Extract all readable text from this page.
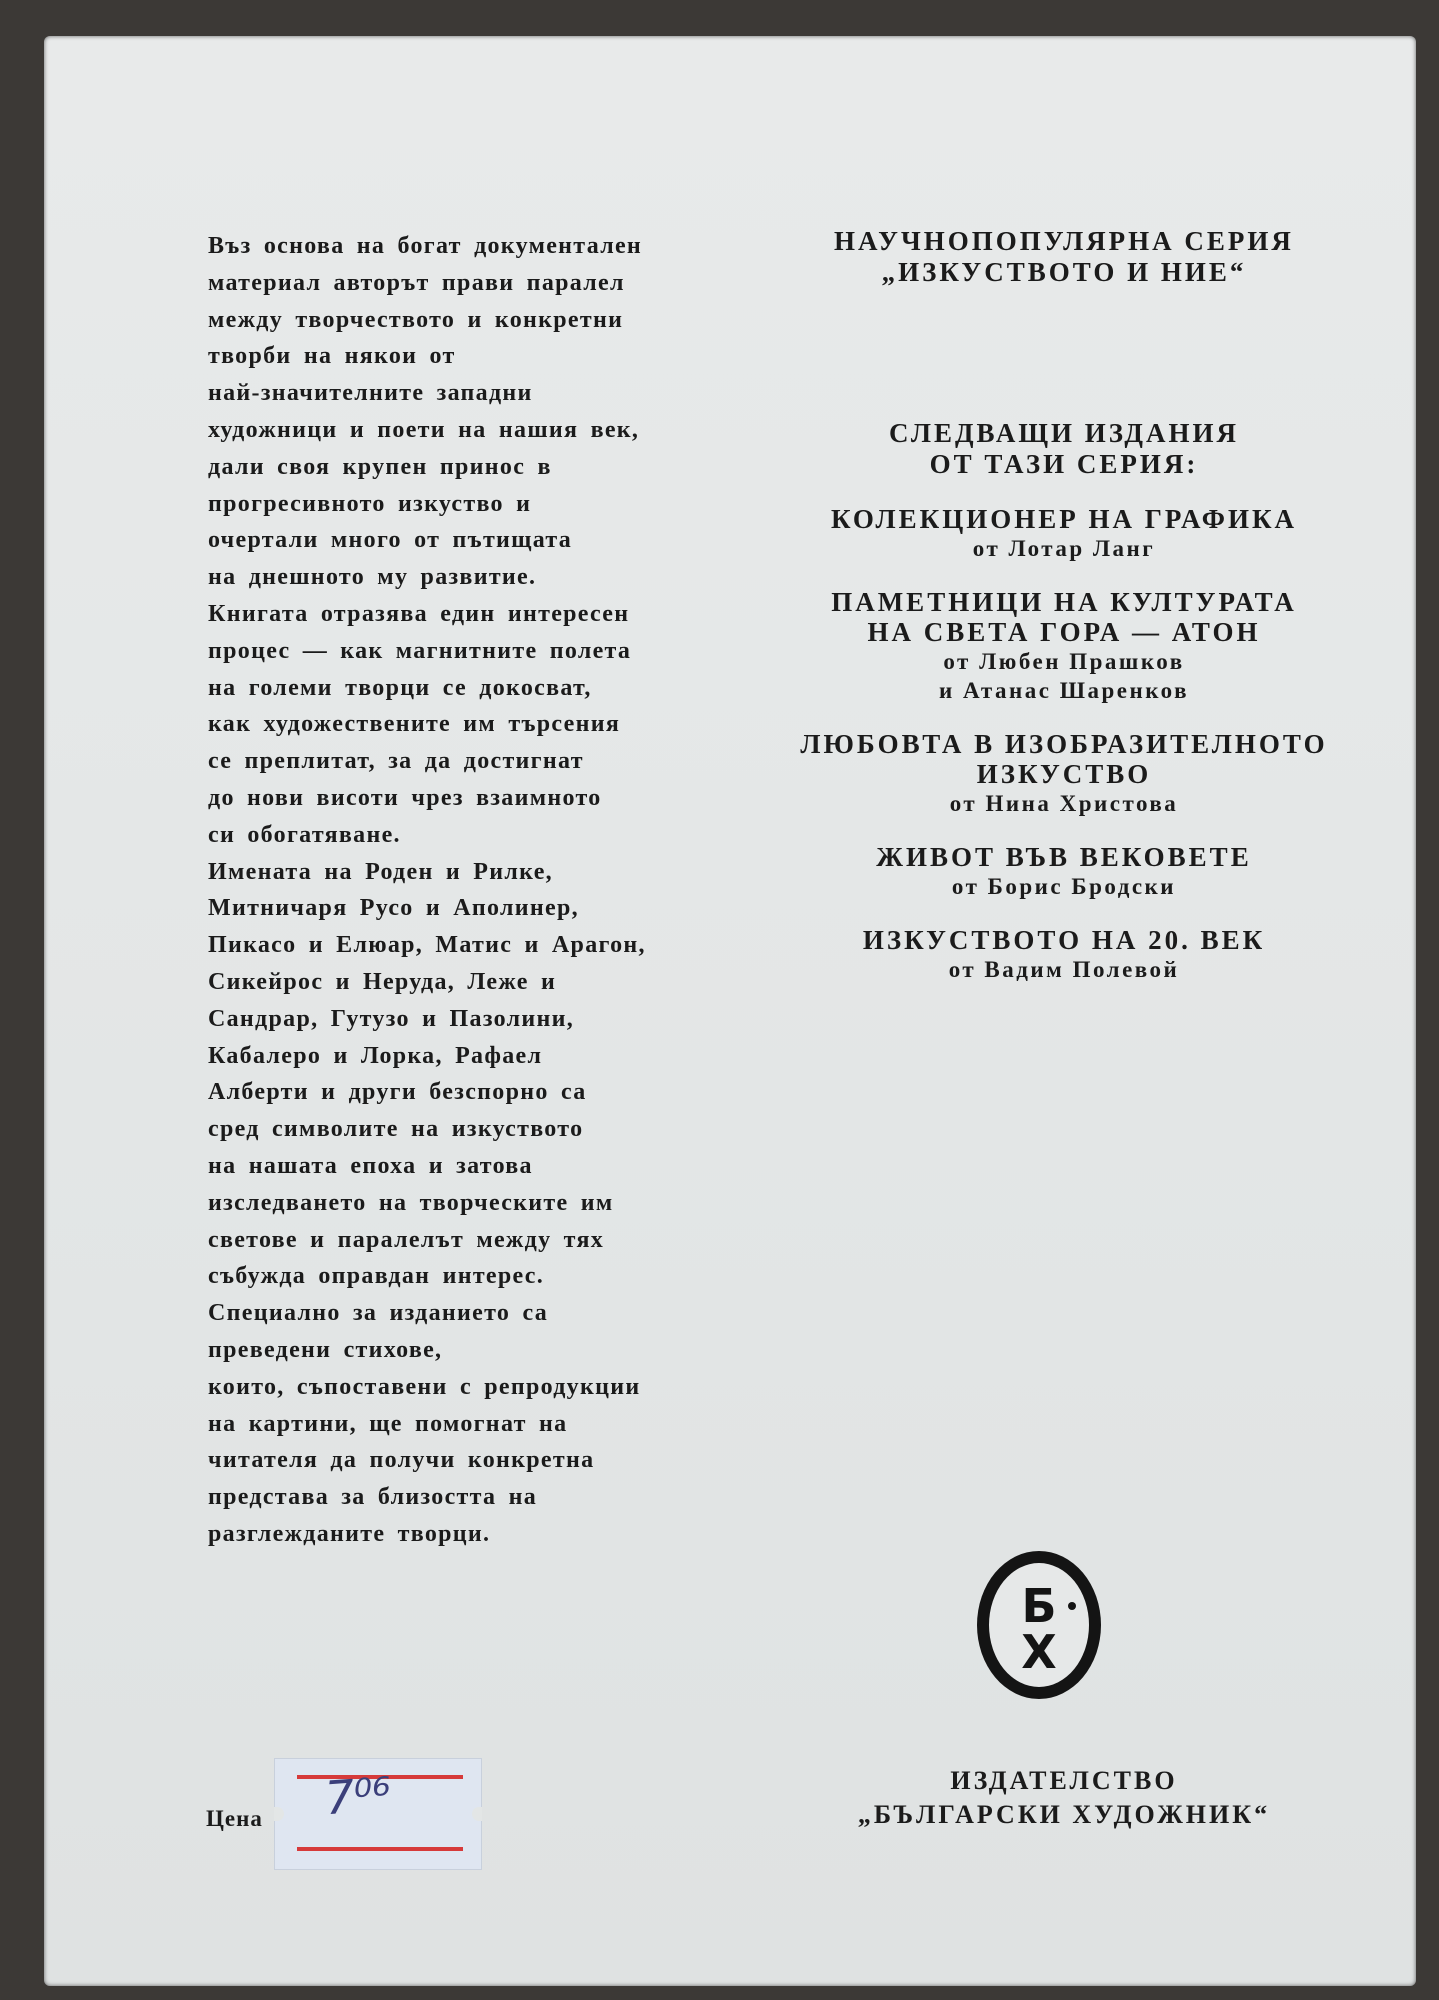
Въз основа на богат документален
материал авторът прави паралел
между творчеството и конкретни
творби на някои от
най-значителните западни
художници и поети на нашия век,
дали своя крупен принос в
прогресивното изкуство и
очертали много от пътищата
на днешното му развитие.
Книгата отразява един интересен
процес — как магнитните полета
на големи творци се докосват,
как художествените им търсения
се преплитат, за да достигнат
до нови висоти чрез взаимното
си обогатяване.
Имената на Роден и Рилке,
Митничаря Русо и Аполинер,
Пикасо и Елюар, Матис и Арагон,
Сикейрос и Неруда, Леже и
Сандрар, Гутузо и Пазолини,
Кабалеро и Лорка, Рафаел
Алберти и други безспорно са
сред символите на изкуството
на нашата епоха и затова
изследването на творческите им
светове и паралелът между тях
събужда оправдан интерес.
Специално за изданието са
преведени стихове,
които, съпоставени с репродукции
на картини, ще помогнат на
читателя да получи конкретна
представа за близостта на
разглежданите творци.
НАУЧНОПОПУЛЯРНА СЕРИЯ
„ИЗКУСТВОТО И НИЕ“
СЛЕДВАЩИ ИЗДАНИЯ
ОТ ТАЗИ СЕРИЯ:
КОЛЕКЦИОНЕР НА ГРАФИКА
от Лотар Ланг
ПАМЕТНИЦИ НА КУЛТУРАТА
НА СВЕТА ГОРА — АТОН
от Любен Прашков
и Атанас Шаренков
ЛЮБОВТА В ИЗОБРАЗИТЕЛНОТО
ИЗКУСТВО
от Нина Христова
ЖИВОТ ВЪВ ВЕКОВЕТЕ
от Борис Бродски
ИЗКУСТВОТО НА 20. ВЕК
от Вадим Полевой
Б
Х
ИЗДАТЕЛСТВО
„БЪЛГАРСКИ ХУДОЖНИК“
Цена 7⁰⁶
